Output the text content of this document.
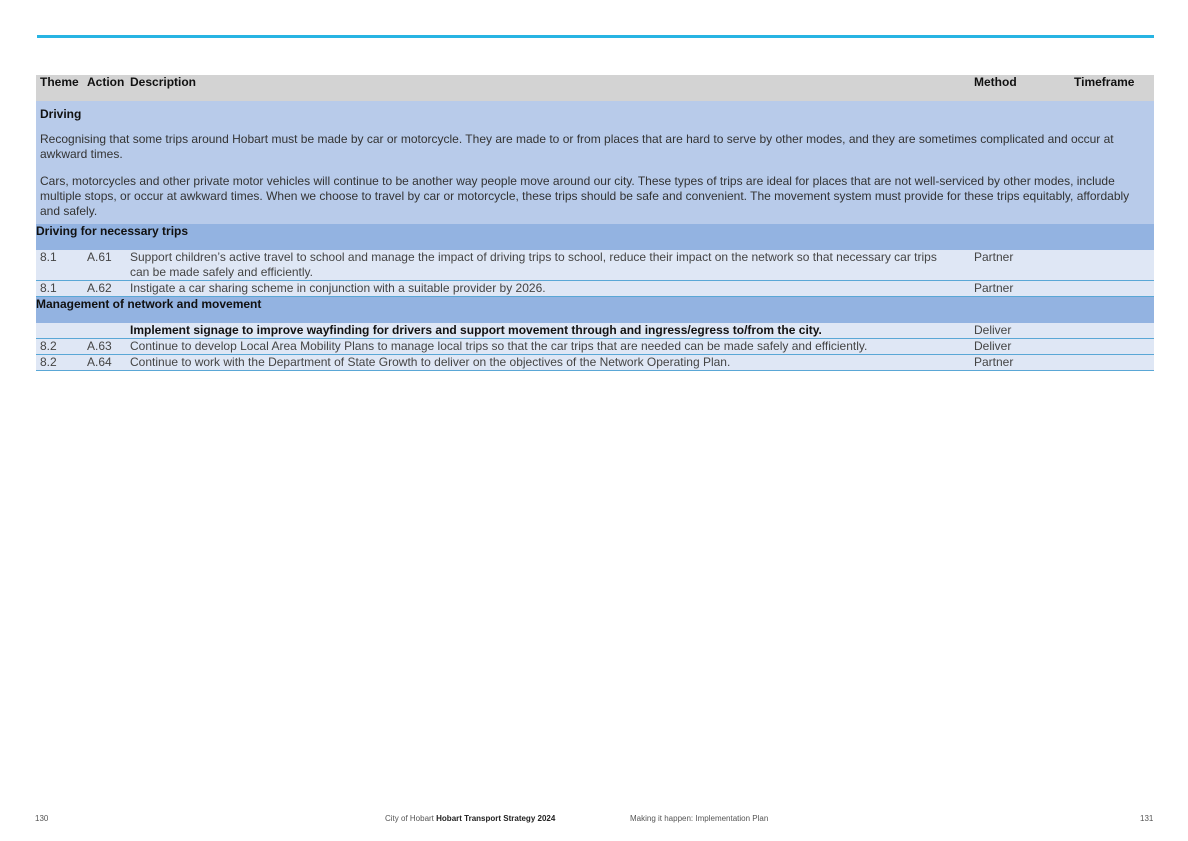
Theme	Action	Description	Method	Timeframe
Driving				
Recognising that some trips around Hobart must be made by car or motorcycle. They are made to or from places that are hard to serve by other modes, and they are sometimes complicated and occur at awkward times.				
Cars, motorcycles and other private motor vehicles will continue to be another way people move around our city. These types of trips are ideal for places that are not well-serviced by other modes, include multiple stops, or occur at awkward times. When we choose to travel by car or motorcycle, these trips should be safe and convenient. The movement system must provide for these trips equitably, affordably and safely.				
Driving for necessary trips				
8.1	A.61	Support children’s active travel to school and manage the impact of driving trips to school, reduce their impact on the network so that necessary car trips can be made safely and efficiently.	Partner	
8.1	A.62	Instigate a car sharing scheme in conjunction with a suitable provider by 2026.	Partner	
Management of network and movement				
		Implement signage to improve wayfinding for drivers and support movement through and ingress/egress to/from the city.	Deliver	
8.2	A.63	Continue to develop Local Area Mobility Plans to manage local trips so that the car trips that are needed can be made safely and efficiently.	Deliver	
8.2	A.64	Continue to work with the Department of State Growth to deliver on the objectives of the Network Operating Plan.	Partner	
130	City of Hobart Hobart Transport Strategy 2024	Making it happen: Implementation Plan	131
